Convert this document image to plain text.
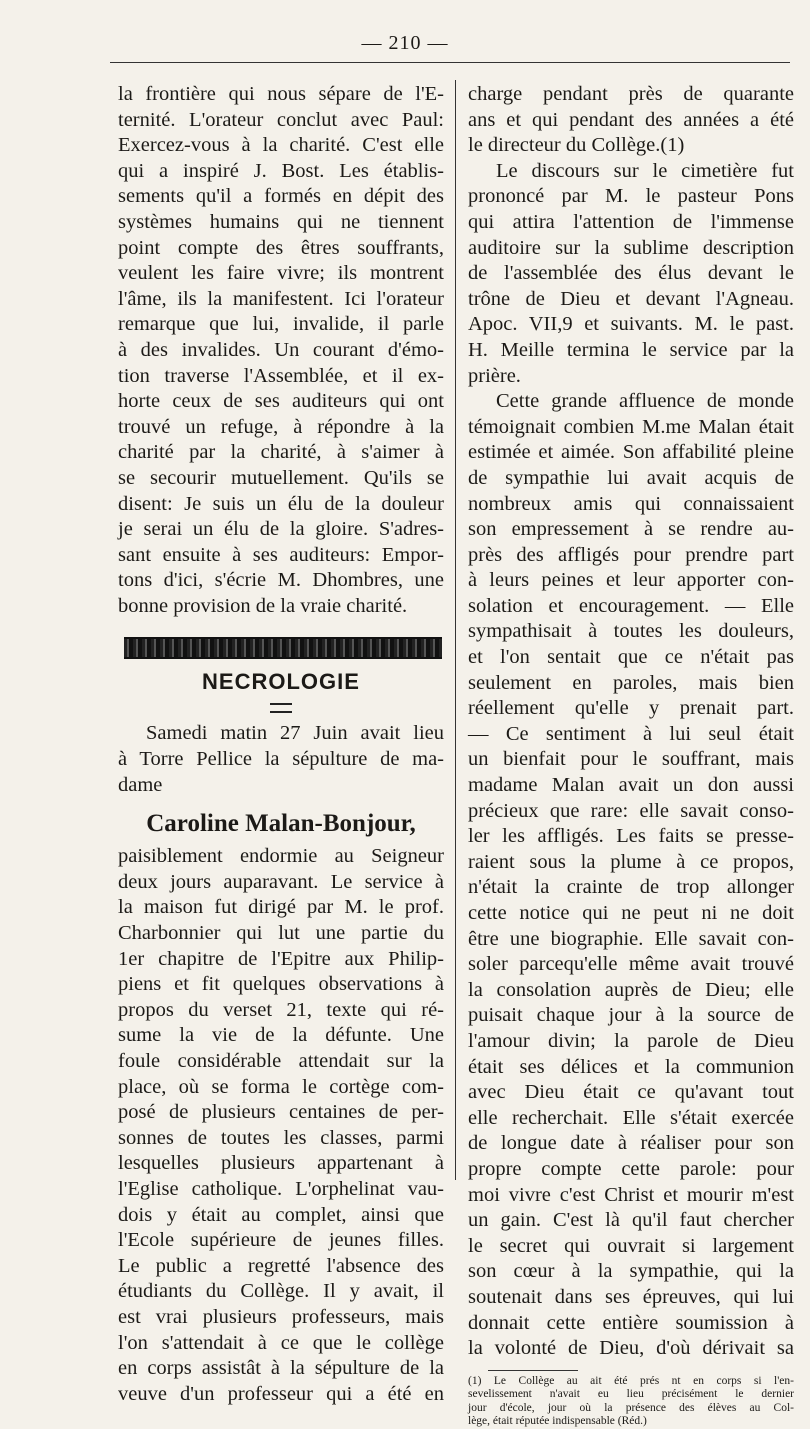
— 210 —
la frontière qui nous sépare de l'E-
ternité. L'orateur conclut avec Paul:
Exercez-vous à la charité. C'est elle
qui a inspiré J. Bost. Les établis-
sements qu'il a formés en dépit des
systèmes humains qui ne tiennent
point compte des êtres souffrants,
veulent les faire vivre; ils montrent
l'âme, ils la manifestent. Ici l'orateur
remarque que lui, invalide, il parle
à des invalides. Un courant d'émo-
tion traverse l'Assemblée, et il ex-
horte ceux de ses auditeurs qui ont
trouvé un refuge, à répondre à la
charité par la charité, à s'aimer à
se secourir mutuellement. Qu'ils se
disent: Je suis un élu de la douleur
je serai un élu de la gloire. S'adres-
sant ensuite à ses auditeurs: Empor-
tons d'ici, s'écrie M. Dhombres, une
bonne provision de la vraie charité.
NECROLOGIE
Samedi matin 27 Juin avait lieu
à Torre Pellice la sépulture de ma-
dame
Caroline Malan-Bonjour,
paisiblement endormie au Seigneur
deux jours auparavant. Le service à
la maison fut dirigé par M. le prof.
Charbonnier qui lut une partie du
1er chapitre de l'Epitre aux Philip-
piens et fit quelques observations à
propos du verset 21, texte qui ré-
sume la vie de la défunte. Une
foule considérable attendait sur la
place, où se forma le cortège com-
posé de plusieurs centaines de per-
sonnes de toutes les classes, parmi
lesquelles plusieurs appartenant à
l'Eglise catholique. L'orphelinat vau-
dois y était au complet, ainsi que
l'Ecole supérieure de jeunes filles.
Le public a regretté l'absence des
étudiants du Collège. Il y avait, il
est vrai plusieurs professeurs, mais
l'on s'attendait à ce que le collège
en corps assistât à la sépulture de la
veuve d'un professeur qui a été en
charge pendant près de quarante
ans et qui pendant des années a été
le directeur du Collège.(1)
Le discours sur le cimetière fut
prononcé par M. le pasteur Pons
qui attira l'attention de l'immense
auditoire sur la sublime description
de l'assemblée des élus devant le
trône de Dieu et devant l'Agneau.
Apoc. VII,9 et suivants. M. le past.
H. Meille termina le service par la
prière.
Cette grande affluence de monde
témoignait combien M.me Malan était
estimée et aimée. Son affabilité pleine
de sympathie lui avait acquis de
nombreux amis qui connaissaient
son empressement à se rendre au-
près des affligés pour prendre part
à leurs peines et leur apporter con-
solation et encouragement. — Elle
sympathisait à toutes les douleurs,
et l'on sentait que ce n'était pas
seulement en paroles, mais bien
réellement qu'elle y prenait part.
— Ce sentiment à lui seul était
un bienfait pour le souffrant, mais
madame Malan avait un don aussi
précieux que rare: elle savait conso-
ler les affligés. Les faits se presse-
raient sous la plume à ce propos,
n'était la crainte de trop allonger
cette notice qui ne peut ni ne doit
être une biographie. Elle savait con-
soler parcequ'elle même avait trouvé
la consolation auprès de Dieu; elle
puisait chaque jour à la source de
l'amour divin; la parole de Dieu
était ses délices et la communion
avec Dieu était ce qu'avant tout
elle recherchait. Elle s'était exercée
de longue date à réaliser pour son
propre compte cette parole: pour
moi vivre c'est Christ et mourir m'est
un gain. C'est là qu'il faut chercher
le secret qui ouvrait si largement
son cœur à la sympathie, qui la
soutenait dans ses épreuves, qui lui
donnait cette entière soumission à
la volonté de Dieu, d'où dérivait sa
(1) Le Collège au ait été prés nt en corps si l'en-
sevelissement n'avait eu lieu précisément le dernier
jour d'école, jour où la présence des élèves au Col-
lège, était réputée indispensable (Réd.)
